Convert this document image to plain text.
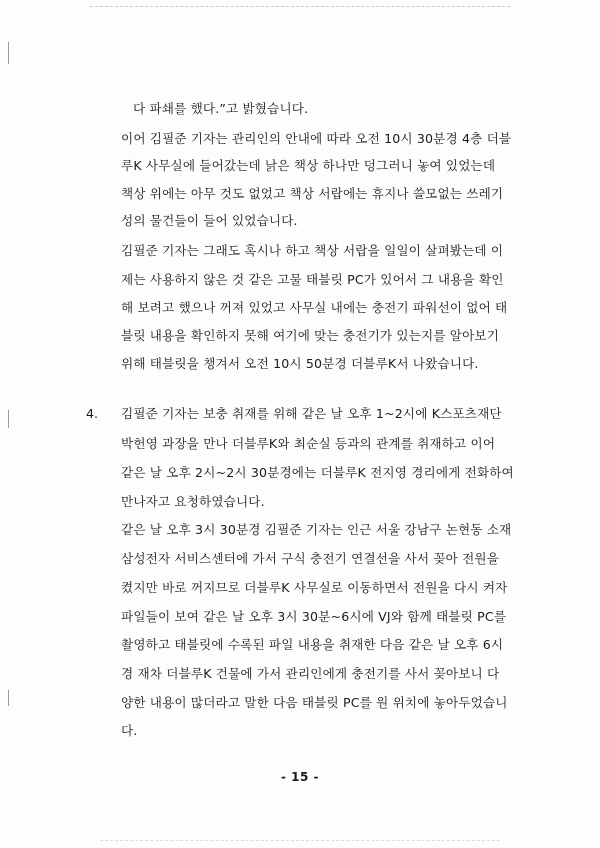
다 파쇄를 했다.”고 밝혔습니다.
이어 김필준 기자는 관리인의 안내에 따라 오전 10시 30분경 4층 더블
루K 사무실에 들어갔는데 낡은 책상 하나만 덩그러니 놓여 있었는데
책상 위에는 아무 것도 없었고 책상 서랍에는 휴지나 쓸모없는 쓰레기
성의 물건들이 들어 있었습니다.
김필준 기자는 그래도 혹시나 하고 책상 서랍을 일일이 살펴봤는데 이
제는 사용하지 않은 것 같은 고물 태블릿 PC가 있어서 그 내용을 확인
해 보려고 했으나 꺼져 있었고 사무실 내에는 충전기 파워선이 없어 태
블릿 내용을 확인하지 못해 여기에 맞는 충전기가 있는지를 알아보기
위해 태블릿을 챙겨서 오전 10시 50분경 더블루K서 나왔습니다.
4. 김필준 기자는 보충 취재를 위해 같은 날 오후 1~2시에 K스포츠재단
박헌영 과장을 만나 더블루K와 최순실 등과의 관계를 취재하고 이어
같은 날 오후 2시~2시 30분경에는 더블루K 전지영 경리에게 전화하여
만나자고 요청하였습니다.
같은 날 오후 3시 30분경 김필준 기자는 인근 서울 강남구 논현동 소재
삼성전자 서비스센터에 가서 구식 충전기 연결선을 사서 꽂아 전원을
켰지만 바로 꺼지므로 더블루K 사무실로 이동하면서 전원을 다시 켜자
파일들이 보여 같은 날 오후 3시 30분~6시에 VJ와 함께 태블릿 PC를
촬영하고 태블릿에 수록된 파일 내용을 취재한 다음 같은 날 오후 6시
경 재차 더블루K 건물에 가서 관리인에게 충전기를 사서 꽂아보니 다
양한 내용이 많더라고 말한 다음 태블릿 PC를 원 위치에 놓아두었습니
다.
- 15 -
